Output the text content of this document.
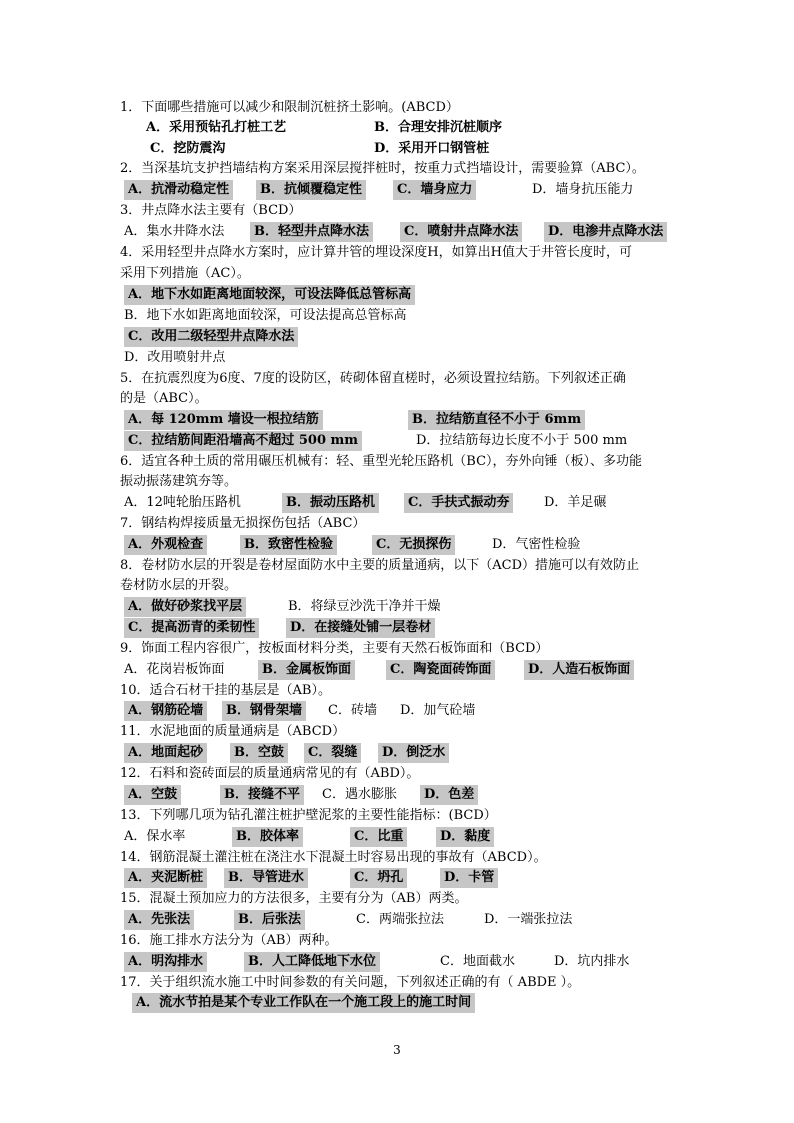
1．下面哪些措施可以减少和限制沉桩挤土影响。(ABCD）
A．采用预钻孔打桩工艺	B．合理安排沉桩顺序
C．挖防震沟	D．采用开口钢管桩
2．当深基坑支护挡墙结构方案采用深层搅拌桩时，按重力式挡墙设计，需要验算（ABC）。
A．抗滑动稳定性	B．抗倾覆稳定性	C．墙身应力	D．墙身抗压能力
3．井点降水法主要有（BCD）
A．集水井降水法	B．轻型井点降水法	C．喷射井点降水法	D．电渗井点降水法
4．采用轻型井点降水方案时，应计算井管的埋设深度H，如算出H值大于井管长度时，可
采用下列措施（AC）。
A．地下水如距离地面较深，可设法降低总管标高
B．地下水如距离地面较深，可设法提高总管标高
C．改用二级轻型井点降水法
D．改用喷射井点
5．在抗震烈度为6度、7度的设防区，砖砌体留直槎时，必须设置拉结筋。下列叙述正确
的是（ABC）。
A．每 120mm 墙设一根拉结筋	B．拉结筋直径不小于 6mm
C．拉结筋间距沿墙高不超过 500 mm	D．拉结筋每边长度不小于 500 mm
6．适宜各种土质的常用碾压机械有：轻、重型光轮压路机（BC），夯外向锤（板）、多功能
振动振荡建筑夯等。
A．12吨轮胎压路机	B．振动压路机	C．手扶式振动夯	D．羊足碾
7．钢结构焊接质量无损探伤包括（ABC）
A．外观检查	B．致密性检验	C．无损探伤	D．气密性检验
8．卷材防水层的开裂是卷材屋面防水中主要的质量通病，以下（ACD）措施可以有效防止
卷材防水层的开裂。
A．做好砂浆找平层	B．将绿豆沙洗干净并干燥
C．提高沥青的柔韧性	D．在接缝处铺一层卷材
9．饰面工程内容很广，按板面材料分类，主要有天然石板饰面和（BCD）
A．花岗岩板饰面	B．金属板饰面	C．陶瓷面砖饰面	D．人造石板饰面
10．适合石材干挂的基层是（AB）。
A．钢筋砼墙	B．钢骨架墙	C．砖墙 D．加气砼墙
11．水泥地面的质量通病是（ABCD）
A．地面起砂	B．空鼓	C．裂缝	D．倒泛水
12．石料和瓷砖面层的质量通病常见的有（ABD）。
A．空鼓	B．接缝不平	C．遇水膨胀	D．色差
13．下列哪几项为钻孔灌注桩护壁泥浆的主要性能指标：(BCD）
A．保水率	B．胶体率	C．比重	D．黏度
14．钢筋混凝土灌注桩在浇注水下混凝土时容易出现的事故有（ABCD）。
A．夹泥断桩	B．导管进水	C．坍孔	D．卡管
15．混凝土预加应力的方法很多，主要有分为（AB）两类。
A．先张法	B．后张法	C．两端张拉法	D．一端张拉法
16．施工排水方法分为（AB）两种。
A．明沟排水	B．人工降低地下水位	C．地面截水	D．坑内排水
17．关于组织流水施工中时间参数的有关问题，下列叙述正确的有（ ABDE ）。
A．流水节拍是某个专业工作队在一个施工段上的施工时间
3
